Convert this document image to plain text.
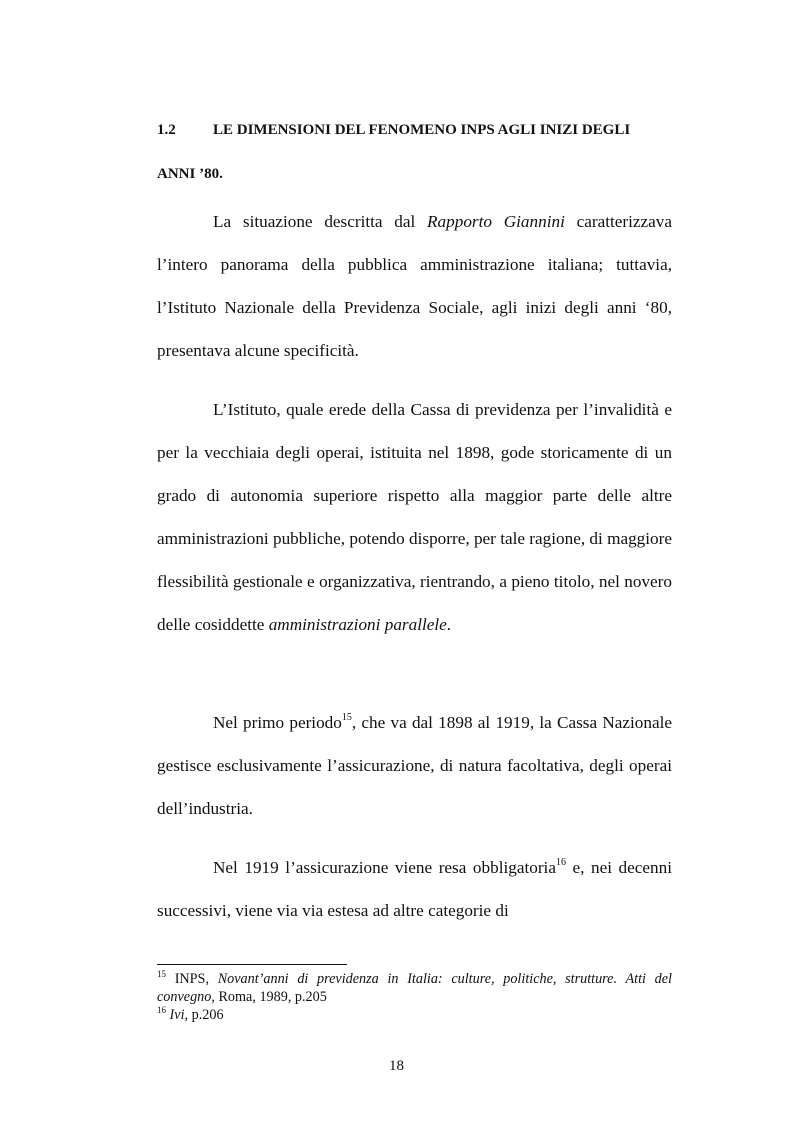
1.2 LE DIMENSIONI DEL FENOMENO INPS AGLI INIZI DEGLI
ANNI ’80.

La situazione descritta dal Rapporto Giannini caratterizzava l’intero panorama della pubblica amministrazione italiana; tuttavia, l’Istituto Nazionale della Previdenza Sociale, agli inizi degli anni ‘80, presentava alcune specificità.

L’Istituto, quale erede della Cassa di previdenza per l’invalidità e per la vecchiaia degli operai, istituita nel 1898, gode storicamente di un grado di autonomia superiore rispetto alla maggior parte delle altre amministrazioni pubbliche, potendo disporre, per tale ragione, di maggiore flessibilità gestionale e organizzativa, rientrando, a pieno titolo, nel novero delle cosiddette amministrazioni parallele.

Nel primo periodo$^{15}$, che va dal 1898 al 1919, la Cassa Nazionale gestisce esclusivamente l’assicurazione, di natura facoltativa, degli operai dell’industria.

Nel 1919 l’assicurazione viene resa obbligatoria$^{16}$ e, nei decenni successivi, viene via via estesa ad altre categorie di

$^{15}$ INPS, Novant’anni di previdenza in Italia: culture, politiche, strutture. Atti del convegno, Roma, 1989, p.205

$^{16}$ Ivi, p.206

18
